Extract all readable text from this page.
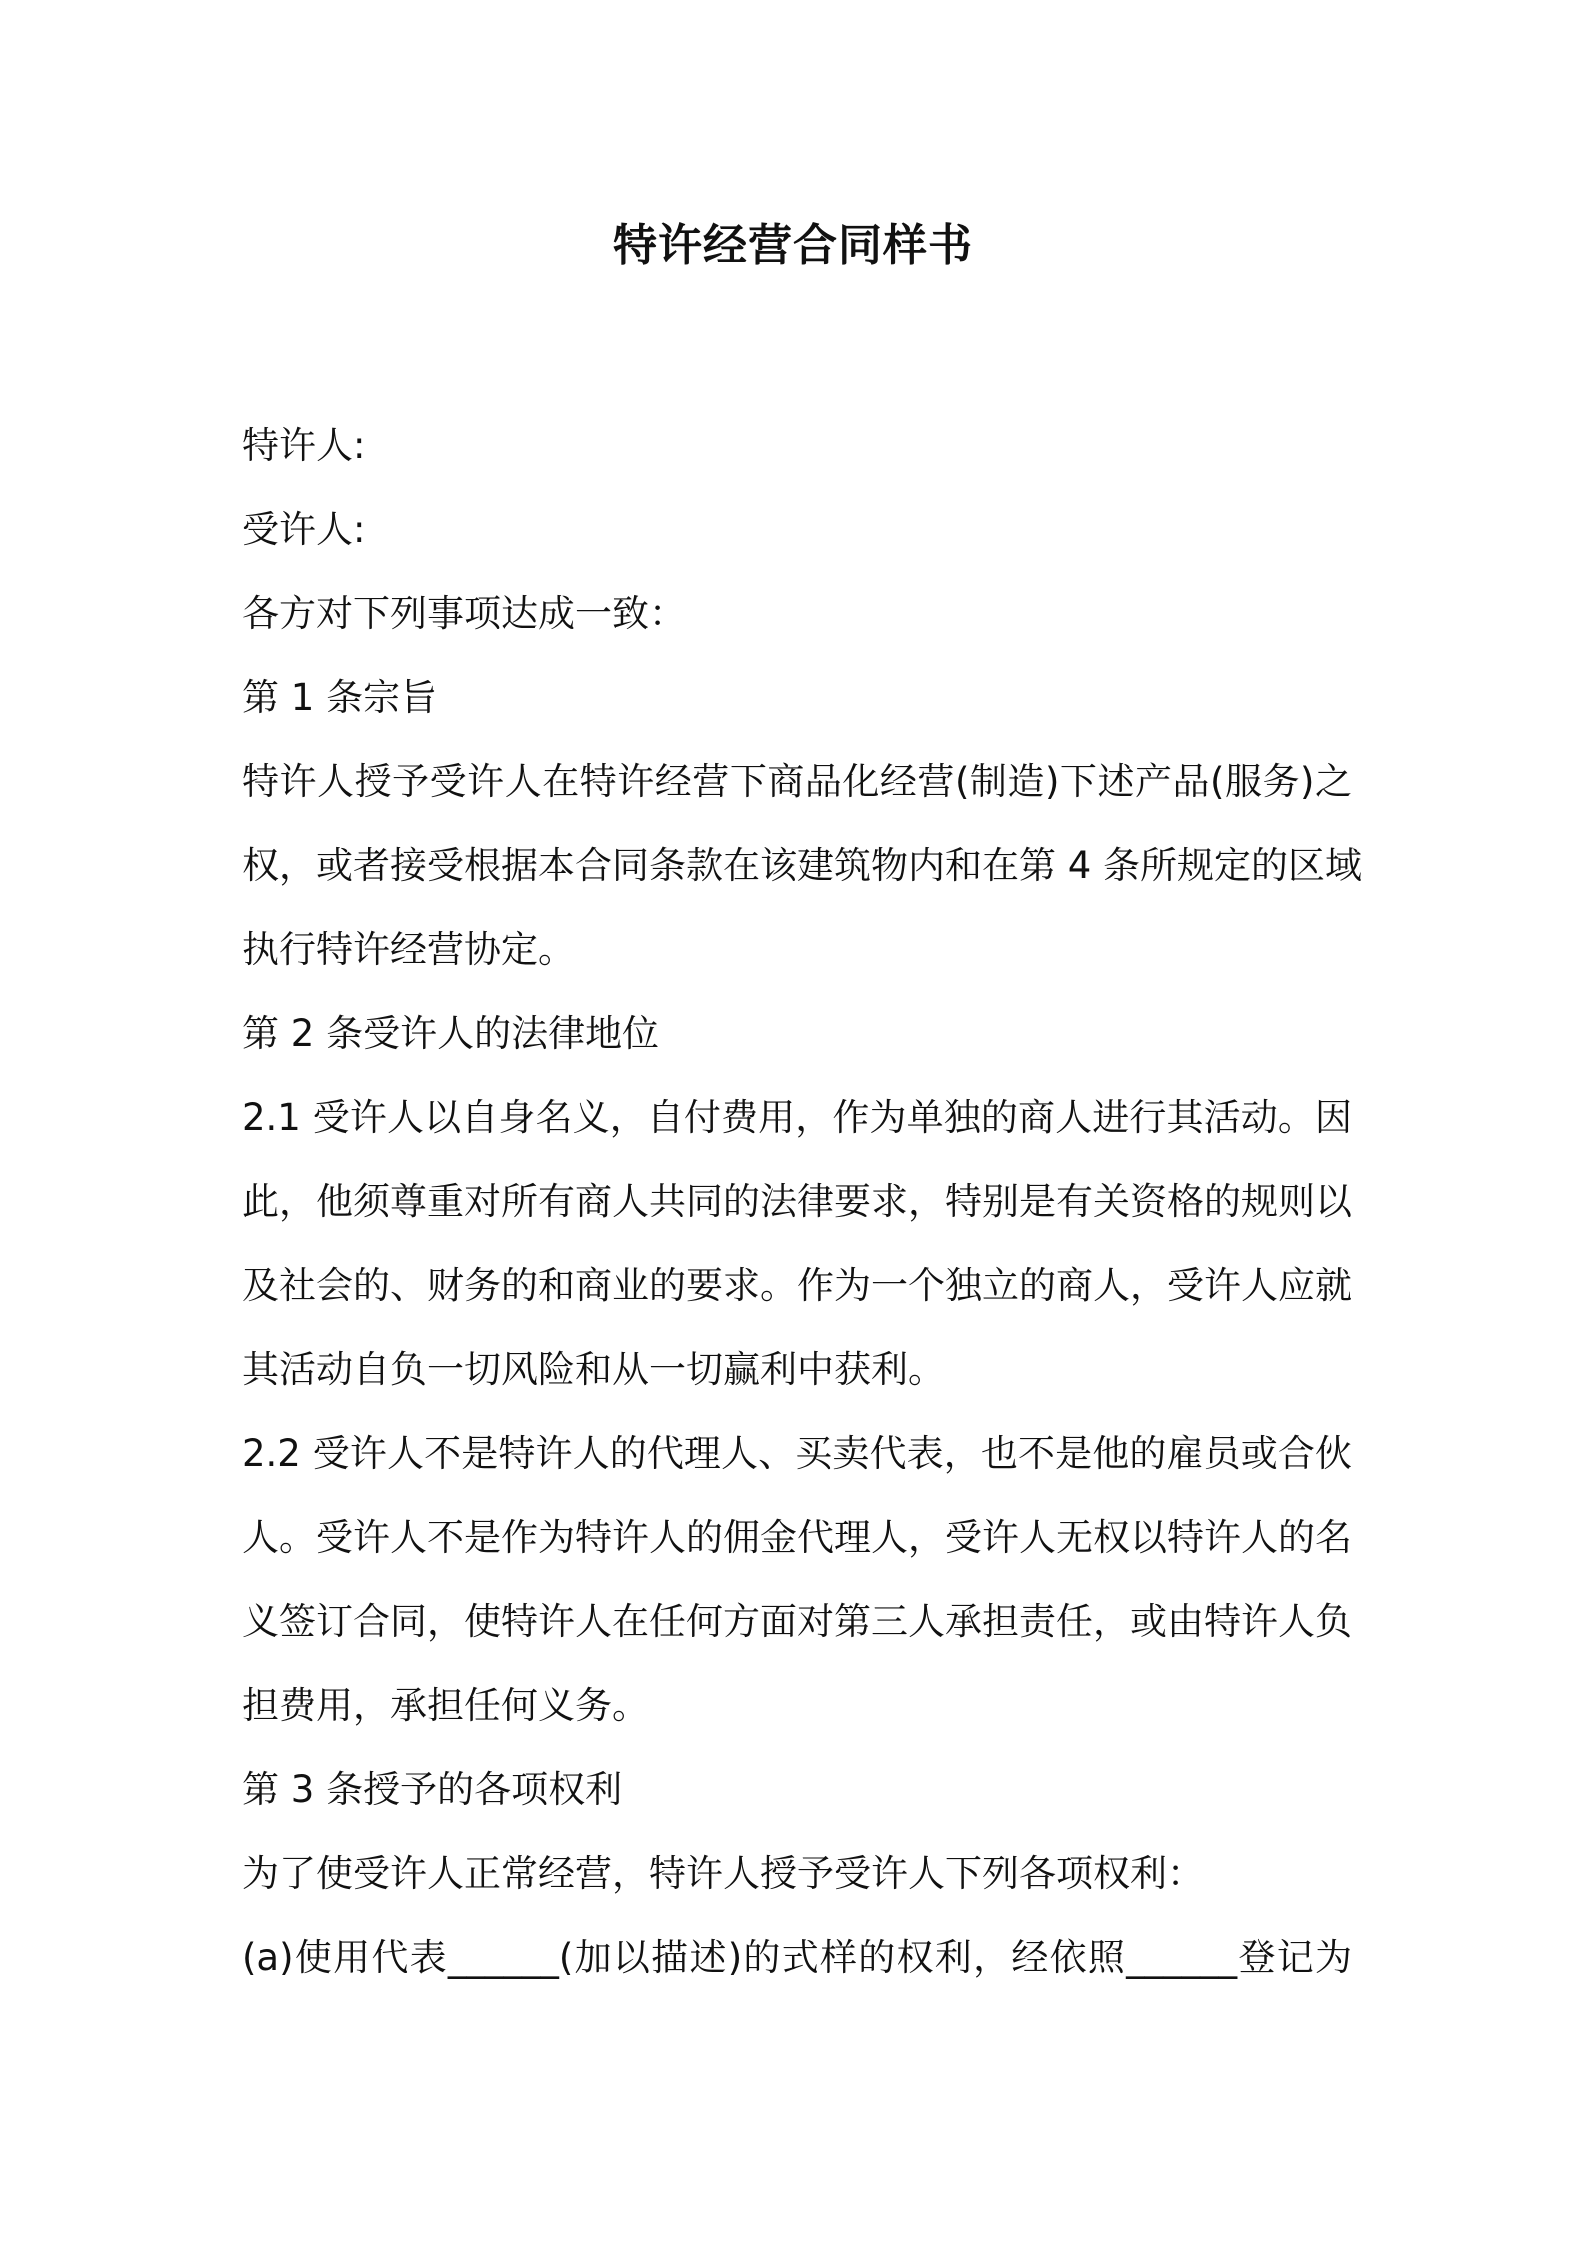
特许经营合同样书
特许人:
受许人:
各方对下列事项达成一致：
第 1 条宗旨
特许人授予受许人在特许经营下商品化经营(制造)下述产品(服务)之
权，或者接受根据本合同条款在该建筑物内和在第 4 条所规定的区域
执行特许经营协定。
第 2 条受许人的法律地位
2.1 受许人以自身名义，自付费用，作为单独的商人进行其活动。因
此，他须尊重对所有商人共同的法律要求，特别是有关资格的规则以
及社会的、财务的和商业的要求。作为一个独立的商人，受许人应就
其活动自负一切风险和从一切赢利中获利。
2.2 受许人不是特许人的代理人、买卖代表，也不是他的雇员或合伙
人。受许人不是作为特许人的佣金代理人，受许人无权以特许人的名
义签订合同，使特许人在任何方面对第三人承担责任，或由特许人负
担费用，承担任何义务。
第 3 条授予的各项权利
为了使受许人正常经营，特许人授予受许人下列各项权利：
(a)使用代表______(加以描述)的式样的权利，经依照______登记为
